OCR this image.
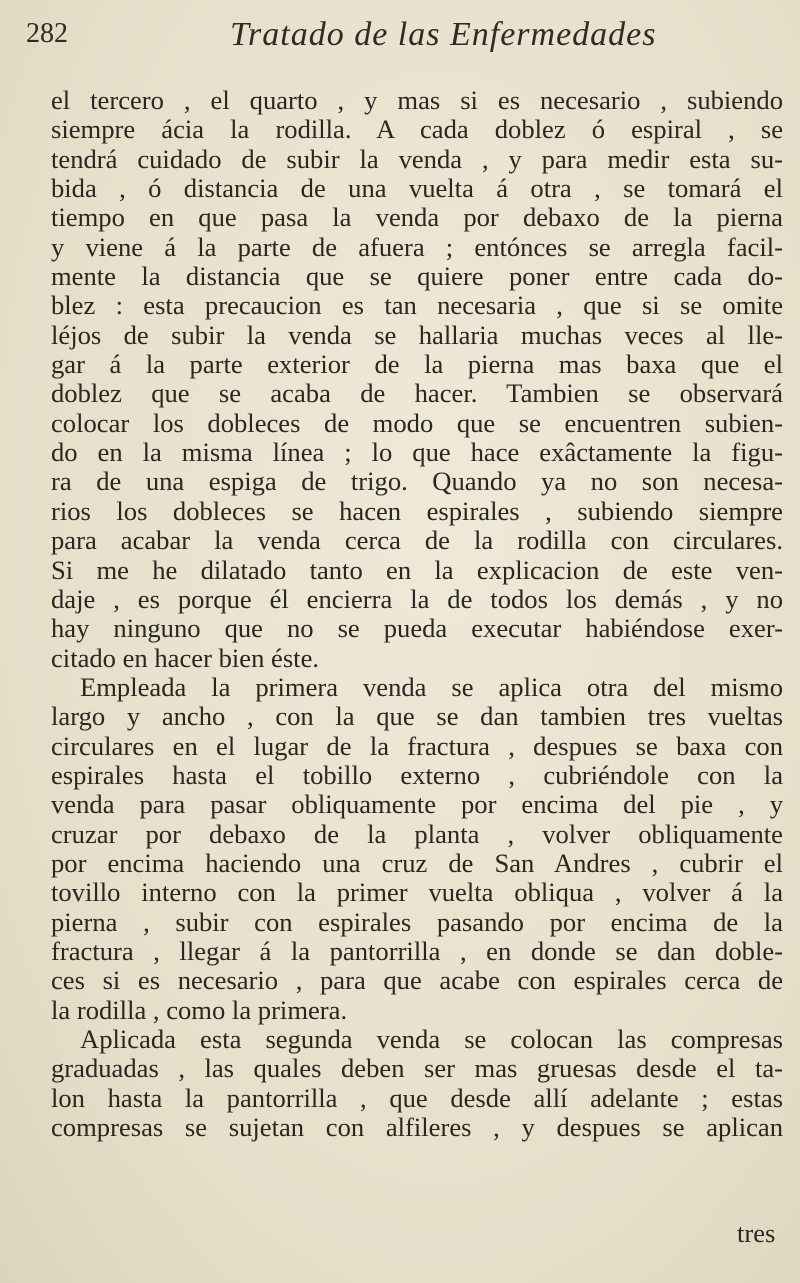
282	Tratado de las Enfermedades
el tercero , el quarto , y mas si es necesario , subiendo
siempre ácia la rodilla. A cada doblez ó espiral , se
tendrá cuidado de subir la venda , y para medir esta su-
bida , ó distancia de una vuelta á otra , se tomará el
tiempo en que pasa la venda por debaxo de la pierna
y viene á la parte de afuera ; entónces se arregla facil-
mente la distancia que se quiere poner entre cada do-
blez : esta precaucion es tan necesaria , que si se omite
léjos de subir la venda se hallaria muchas veces al lle-
gar á la parte exterior de la pierna mas baxa que el
doblez que se acaba de hacer. Tambien se observará
colocar los dobleces de modo que se encuentren subien-
do en la misma línea ; lo que hace exâctamente la figu-
ra de una espiga de trigo. Quando ya no son necesa-
rios los dobleces se hacen espirales , subiendo siempre
para acabar la venda cerca de la rodilla con circulares.
Si me he dilatado tanto en la explicacion de este ven-
daje , es porque él encierra la de todos los demás , y no
hay ninguno que no se pueda executar habiéndose exer-
citado en hacer bien éste.
Empleada la primera venda se aplica otra del mismo
largo y ancho , con la que se dan tambien tres vueltas
circulares en el lugar de la fractura , despues se baxa con
espirales hasta el tobillo externo , cubriéndole con la
venda para pasar obliquamente por encima del pie , y
cruzar por debaxo de la planta , volver obliquamente
por encima haciendo una cruz de San Andres , cubrir el
tovillo interno con la primer vuelta obliqua , volver á la
pierna , subir con espirales pasando por encima de la
fractura , llegar á la pantorrilla , en donde se dan doble-
ces si es necesario , para que acabe con espirales cerca de
la rodilla , como la primera.
Aplicada esta segunda venda se colocan las compresas
graduadas , las quales deben ser mas gruesas desde el ta-
lon hasta la pantorrilla , que desde allí adelante ; estas
compresas se sujetan con alfileres , y despues se aplican
tres
